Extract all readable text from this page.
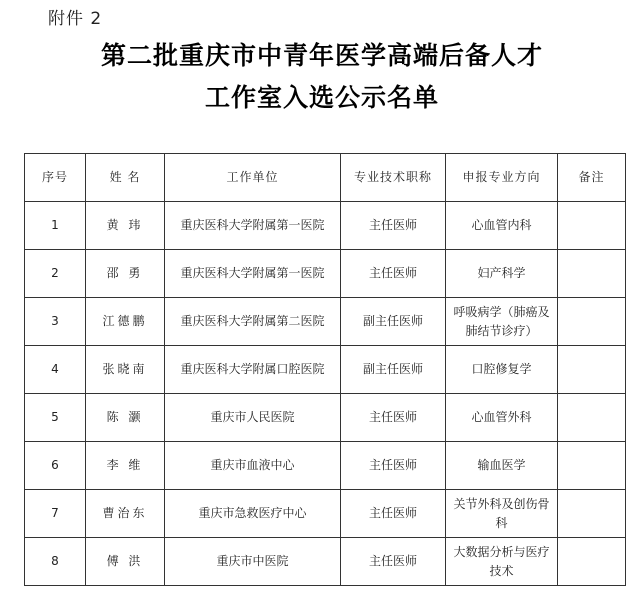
附件 2
第二批重庆市中青年医学高端后备人才
工作室入选公示名单
序号	姓 名	工作单位	专业技术职称	申报专业方向	备注
1	黄 玮	重庆医科大学附属第一医院	主任医师	心血管内科	
2	邵 勇	重庆医科大学附属第一医院	主任医师	妇产科学	
3	江德鹏	重庆医科大学附属第二医院	副主任医师	呼吸病学（肺癌及肺结节诊疗）	
4	张晓南	重庆医科大学附属口腔医院	副主任医师	口腔修复学	
5	陈 灏	重庆市人民医院	主任医师	心血管外科	
6	李 维	重庆市血液中心	主任医师	输血医学	
7	曹治东	重庆市急救医疗中心	主任医师	关节外科及创伤骨科	
8	傅 洪	重庆市中医院	主任医师	大数据分析与医疗技术	
